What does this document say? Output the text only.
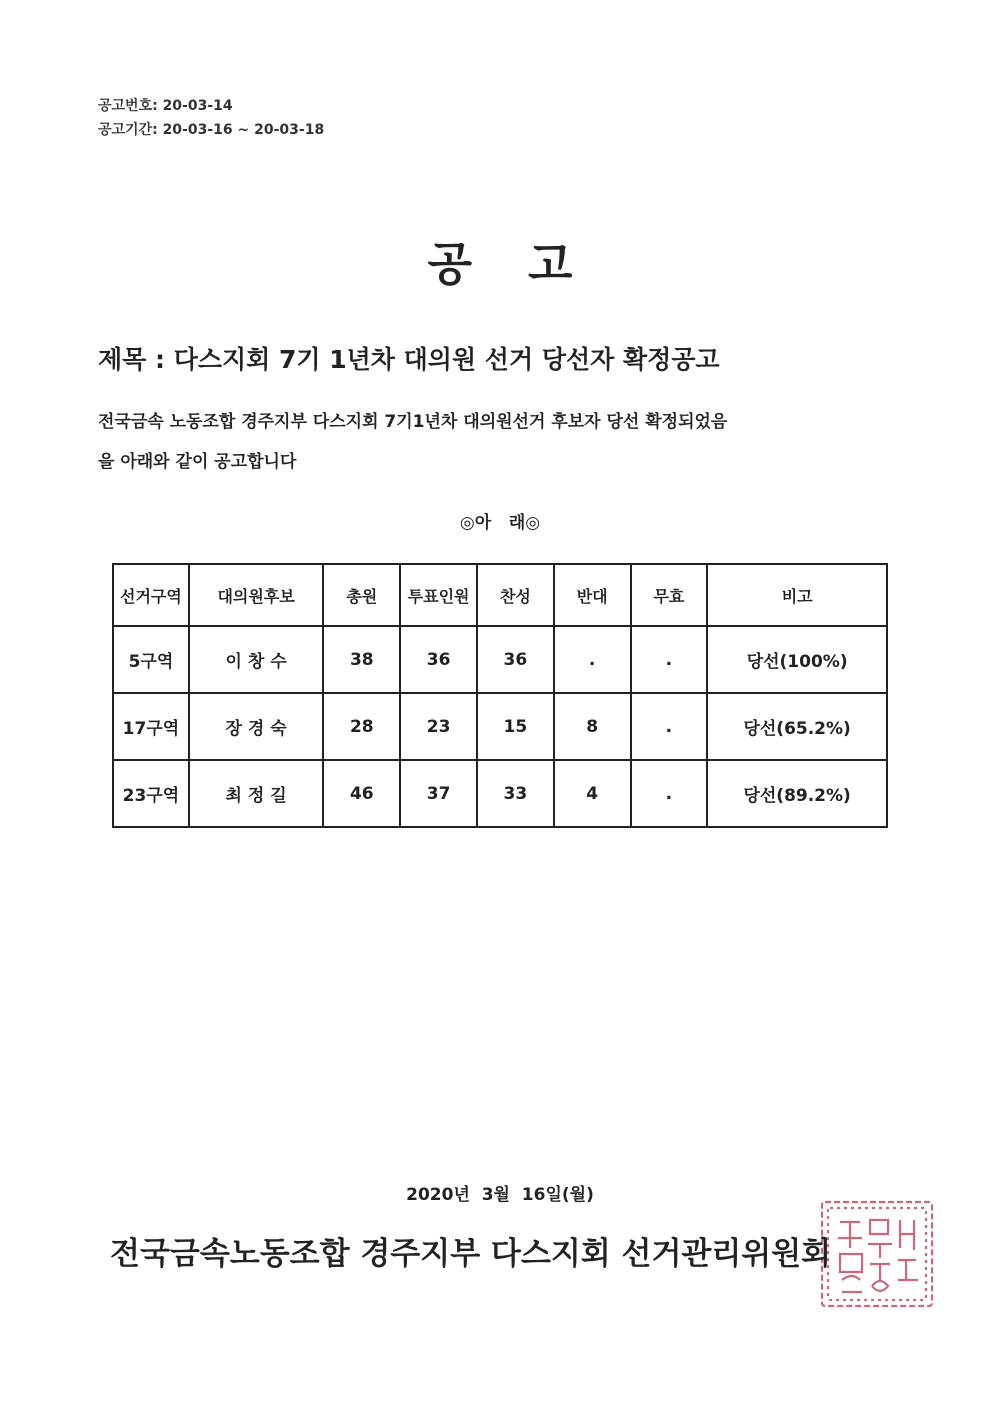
공고번호: 20-03-14
공고기간: 20-03-16 ~ 20-03-18
공고
제목 : 다스지회 7기 1년차 대의원 선거 당선자 확정공고
전국금속 노동조합 경주지부 다스지회 7기1년차 대의원선거 후보자 당선 확정되었음
을 아래와 같이 공고합니다
◎아   래◎
선거구역	대의원후보	총원	투표인원	찬성	반대	무효	비고
5구역	이 창 수	38	36	36	.	.	당선(100%)
17구역	장 경 숙	28	23	15	8	.	당선(65.2%)
23구역	최 정 길	46	37	33	4	.	당선(89.2%)
2020년  3월  16일(월)
전국금속노동조합 경주지부 다스지회 선거관리위원회
